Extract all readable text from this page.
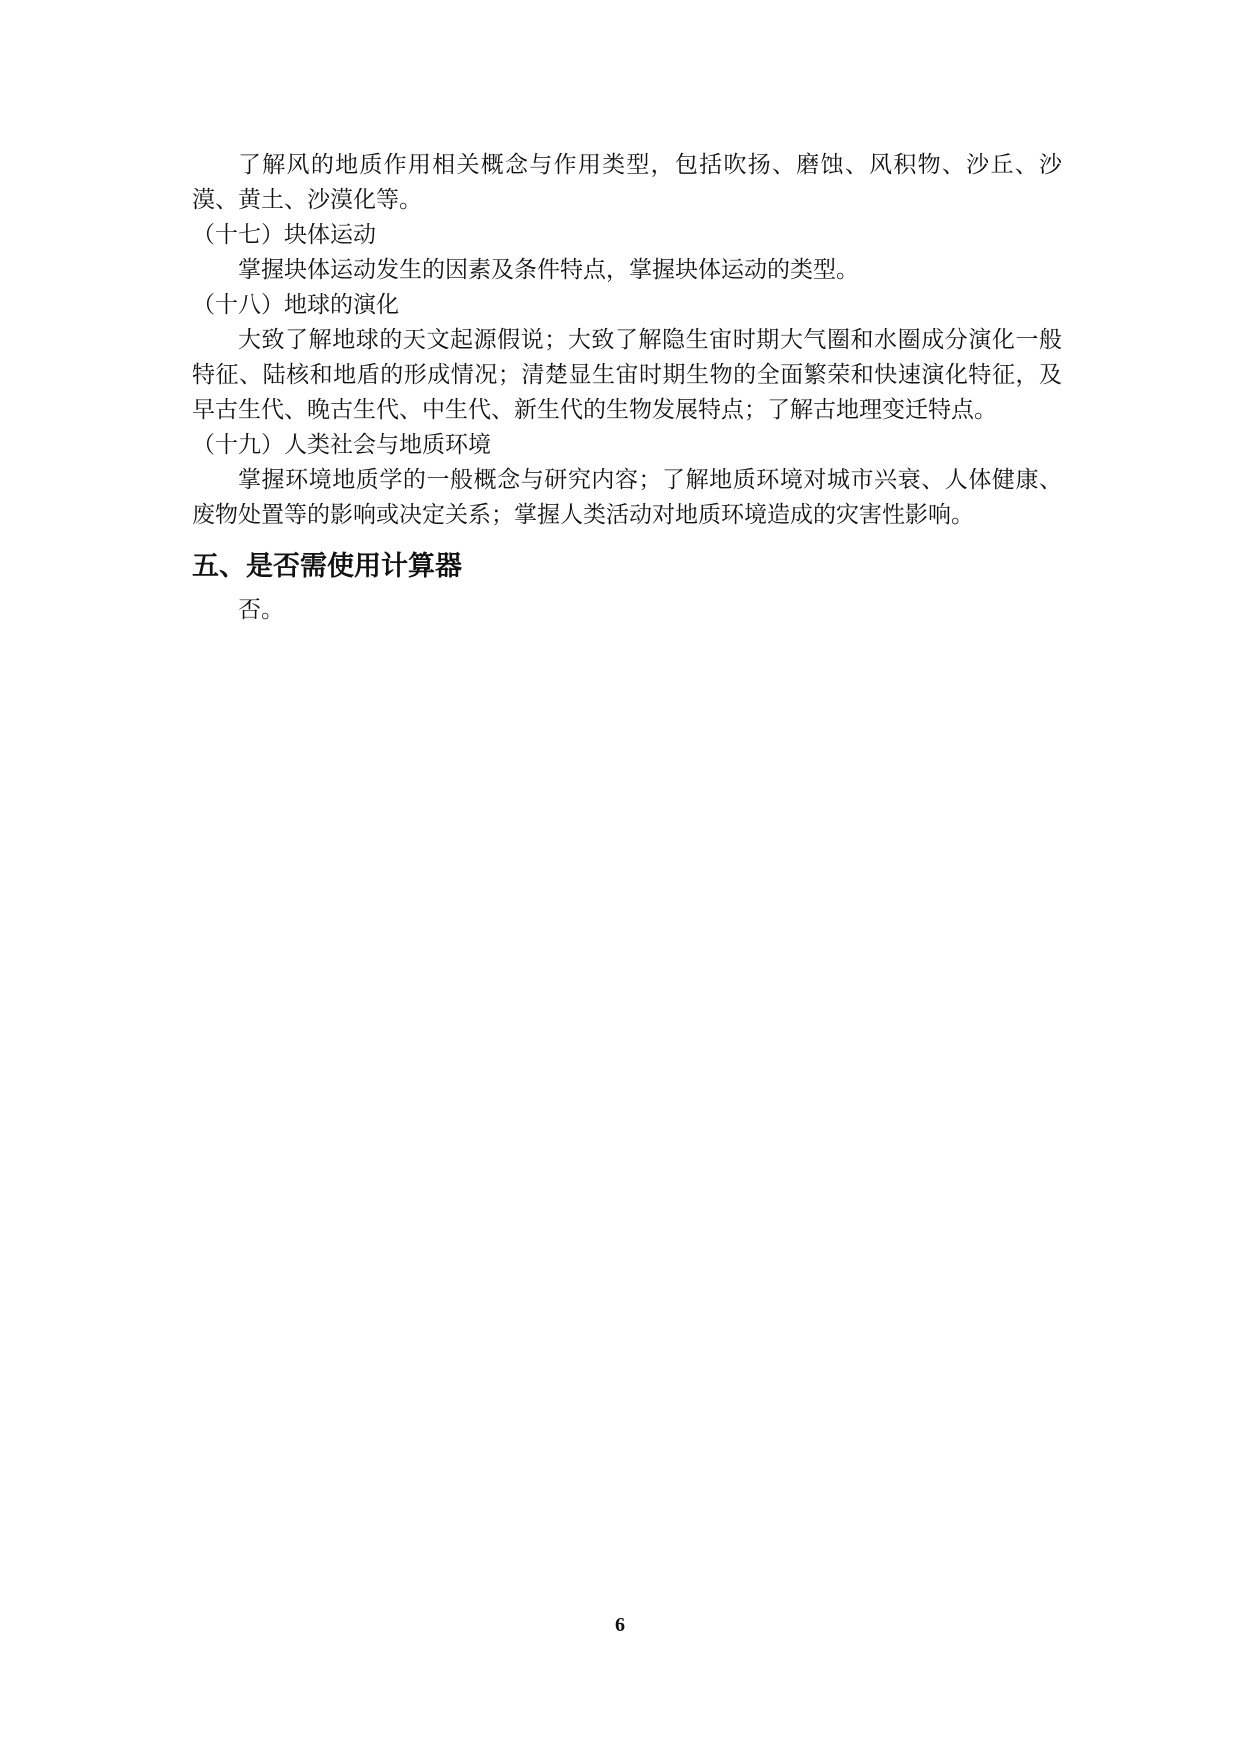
了解风的地质作用相关概念与作用类型，包括吹扬、磨蚀、风积物、沙丘、沙漠、黄土、沙漠化等。

（十七）块体运动

掌握块体运动发生的因素及条件特点，掌握块体运动的类型。

（十八）地球的演化

大致了解地球的天文起源假说；大致了解隐生宙时期大气圈和水圈成分演化一般特征、陆核和地盾的形成情况；清楚显生宙时期生物的全面繁荣和快速演化特征，及早古生代、晚古生代、中生代、新生代的生物发展特点；了解古地理变迁特点。

（十九）人类社会与地质环境

掌握环境地质学的一般概念与研究内容；了解地质环境对城市兴衰、人体健康、废物处置等的影响或决定关系；掌握人类活动对地质环境造成的灾害性影响。

五、是否需使用计算器

否。

6
